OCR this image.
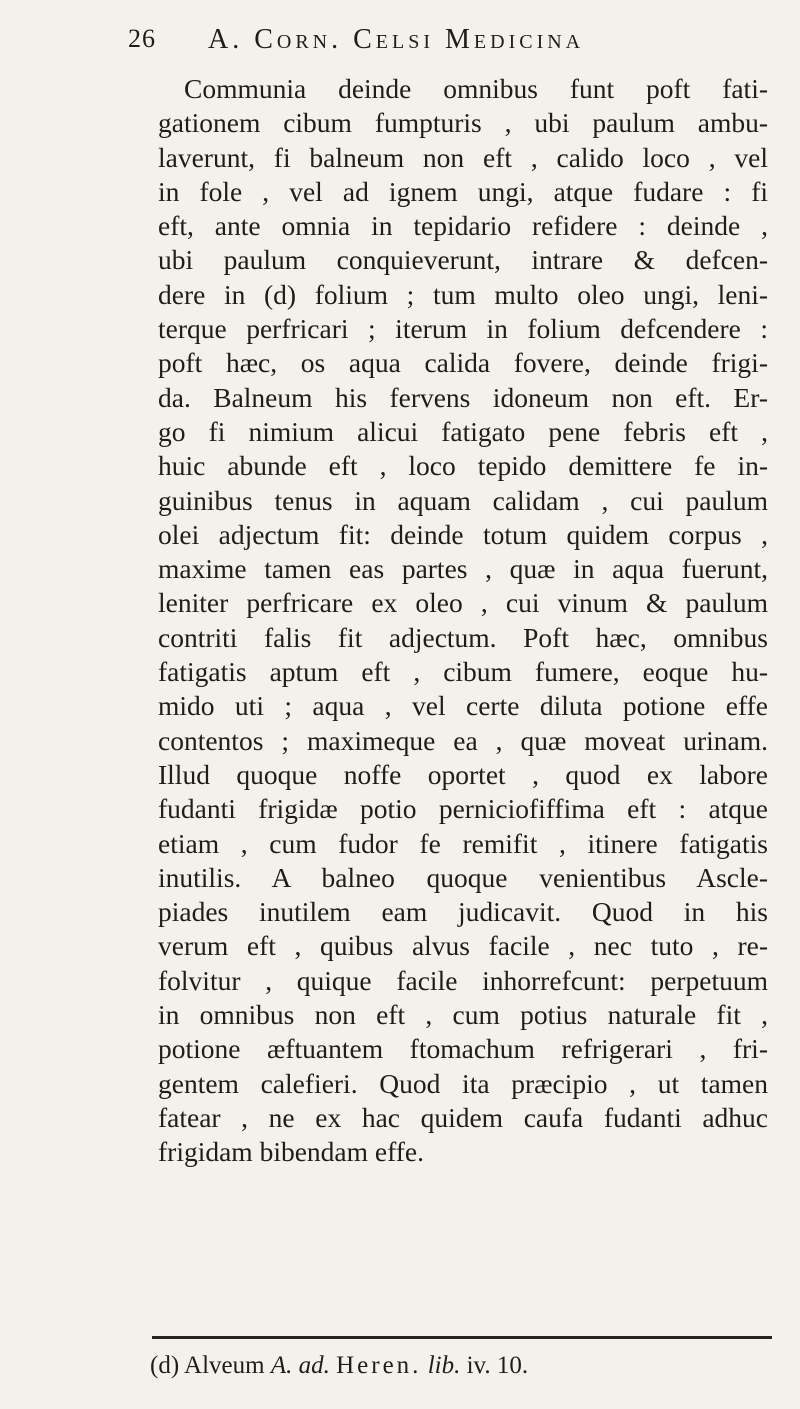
26 A. Corn. Celsi Medicina
Communia deinde omnibus funt poft fati-
gationem cibum fumpturis , ubi paulum ambu-
laverunt, fi balneum non eft , calido loco , vel
in fole , vel ad ignem ungi, atque fudare : fi
eft, ante omnia in tepidario refidere : deinde ,
ubi paulum conquieverunt, intrare & defcen-
dere in (d) folium ; tum multo oleo ungi, leni-
terque perfricari ; iterum in folium defcendere :
poft hæc, os aqua calida fovere, deinde frigi-
da. Balneum his fervens idoneum non eft. Er-
go fi nimium alicui fatigato pene febris eft ,
huic abunde eft , loco tepido demittere fe in-
guinibus tenus in aquam calidam , cui paulum
olei adjectum fit: deinde totum quidem corpus ,
maxime tamen eas partes , quæ in aqua fuerunt,
leniter perfricare ex oleo , cui vinum & paulum
contriti falis fit adjectum. Poft hæc, omnibus
fatigatis aptum eft , cibum fumere, eoque hu-
mido uti ; aqua , vel certe diluta potione effe
contentos ; maximeque ea , quæ moveat urinam.
Illud quoque noffe oportet , quod ex labore
fudanti frigidæ potio perniciofiffima eft : atque
etiam , cum fudor fe remifit , itinere fatigatis
inutilis. A balneo quoque venientibus Ascle-
piades inutilem eam judicavit. Quod in his
verum eft , quibus alvus facile , nec tuto , re-
folvitur , quique facile inhorrefcunt: perpetuum
in omnibus non eft , cum potius naturale fit ,
potione æftuantem ftomachum refrigerari , fri-
gentem calefieri. Quod ita præcipio , ut tamen
fatear , ne ex hac quidem caufa fudanti adhuc
frigidam bibendam effe.
(d) Alveum A. ad. Heren. lib. iv. 10.
